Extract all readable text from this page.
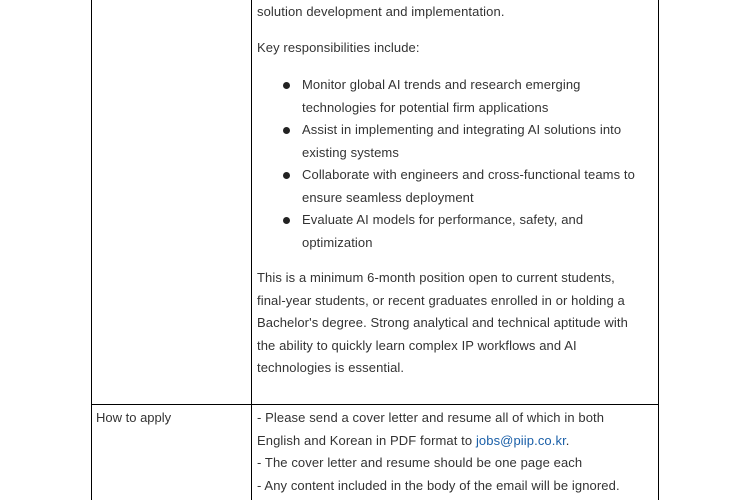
solution development and implementation.
Key responsibilities include:
Monitor global AI trends and research emerging
technologies for potential firm applications
Assist in implementing and integrating AI solutions into
existing systems
Collaborate with engineers and cross-functional teams to
ensure seamless deployment
Evaluate AI models for performance, safety, and
optimization
This is a minimum 6-month position open to current students,
final-year students, or recent graduates enrolled in or holding a
Bachelor's degree. Strong analytical and technical aptitude with
the ability to quickly learn complex IP workflows and AI
technologies is essential.
How to apply	- Please send a cover letter and resume all of which in both
English and Korean in PDF format to jobs@piip.co.kr.
- The cover letter and resume should be one page each
- Any content included in the body of the email will be ignored.
